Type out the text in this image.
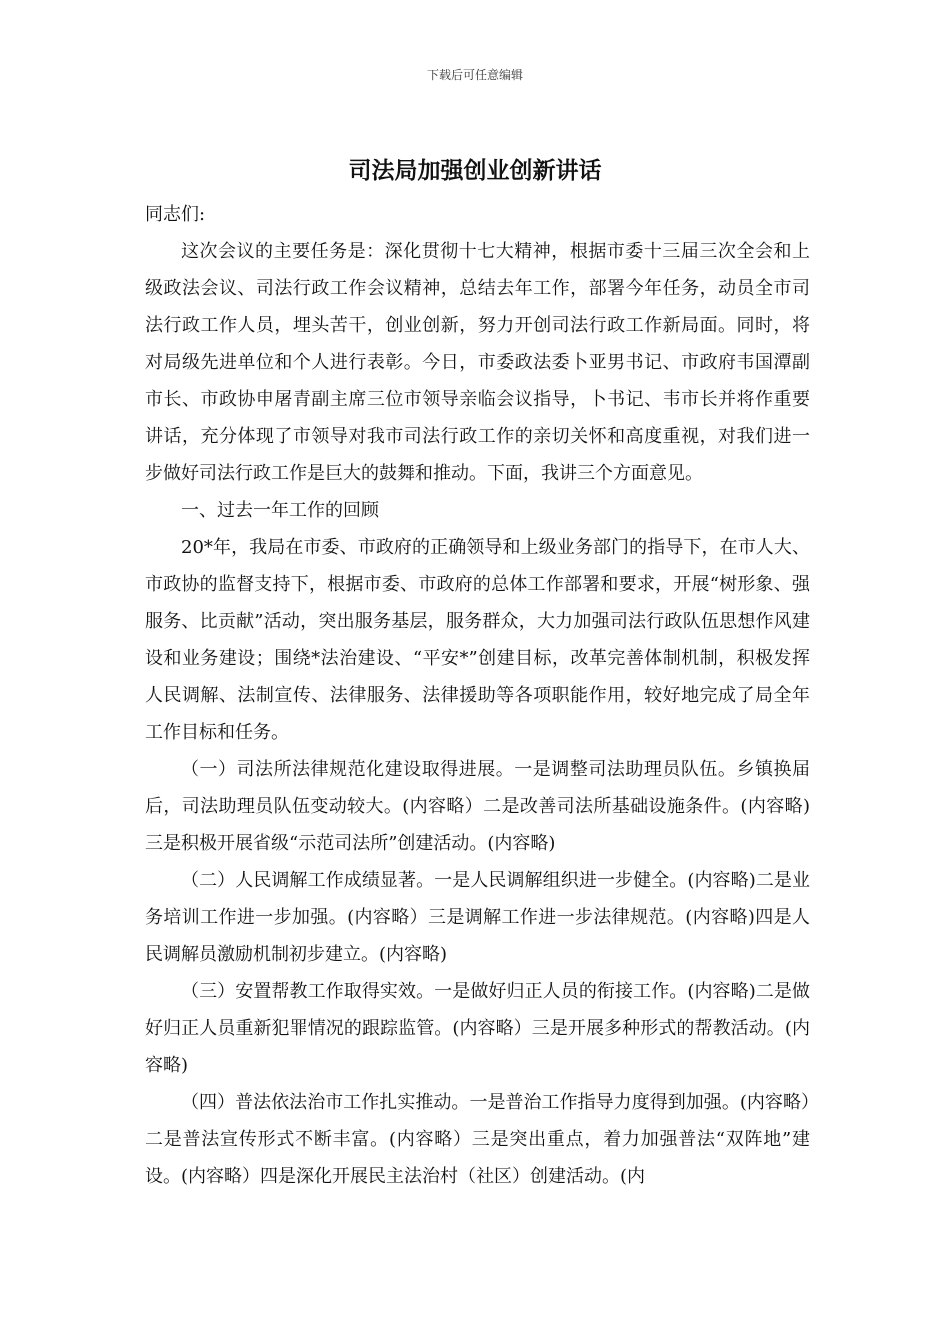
下载后可任意编辑
司法局加强创业创新讲话

同志们:

这次会议的主要任务是：深化贯彻十七大精神，根据市委十三届三次全会和上级政法会议、司法行政工作会议精神，总结去年工作，部署今年任务，动员全市司法行政工作人员，埋头苦干，创业创新，努力开创司法行政工作新局面。同时，将对局级先进单位和个人进行表彰。今日，市委政法委卜亚男书记、市政府韦国潭副市长、市政协申屠青副主席三位市领导亲临会议指导，卜书记、韦市长并将作重要讲话，充分体现了市领导对我市司法行政工作的亲切关怀和高度重视，对我们进一步做好司法行政工作是巨大的鼓舞和推动。下面，我讲三个方面意见。

一、过去一年工作的回顾

20*年，我局在市委、市政府的正确领导和上级业务部门的指导下，在市人大、市政协的监督支持下，根据市委、市政府的总体工作部署和要求，开展“树形象、强服务、比贡献”活动，突出服务基层，服务群众，大力加强司法行政队伍思想作风建设和业务建设；围绕*法治建设、“平安*”创建目标，改革完善体制机制，积极发挥人民调解、法制宣传、法律服务、法律援助等各项职能作用，较好地完成了局全年工作目标和任务。

（一）司法所法律规范化建设取得进展。一是调整司法助理员队伍。乡镇换届后，司法助理员队伍变动较大。(内容略）二是改善司法所基础设施条件。(内容略)三是积极开展省级“示范司法所”创建活动。(内容略)

（二）人民调解工作成绩显著。一是人民调解组织进一步健全。(内容略)二是业务培训工作进一步加强。(内容略）三是调解工作进一步法律规范。(内容略)四是人民调解员激励机制初步建立。(内容略)

（三）安置帮教工作取得实效。一是做好归正人员的衔接工作。(内容略)二是做好归正人员重新犯罪情况的跟踪监管。(内容略）三是开展多种形式的帮教活动。(内容略)

（四）普法依法治市工作扎实推动。一是普治工作指导力度得到加强。(内容略）二是普法宣传形式不断丰富。(内容略）三是突出重点，着力加强普法“双阵地”建设。(内容略）四是深化开展民主法治村（社区）创建活动。(内
